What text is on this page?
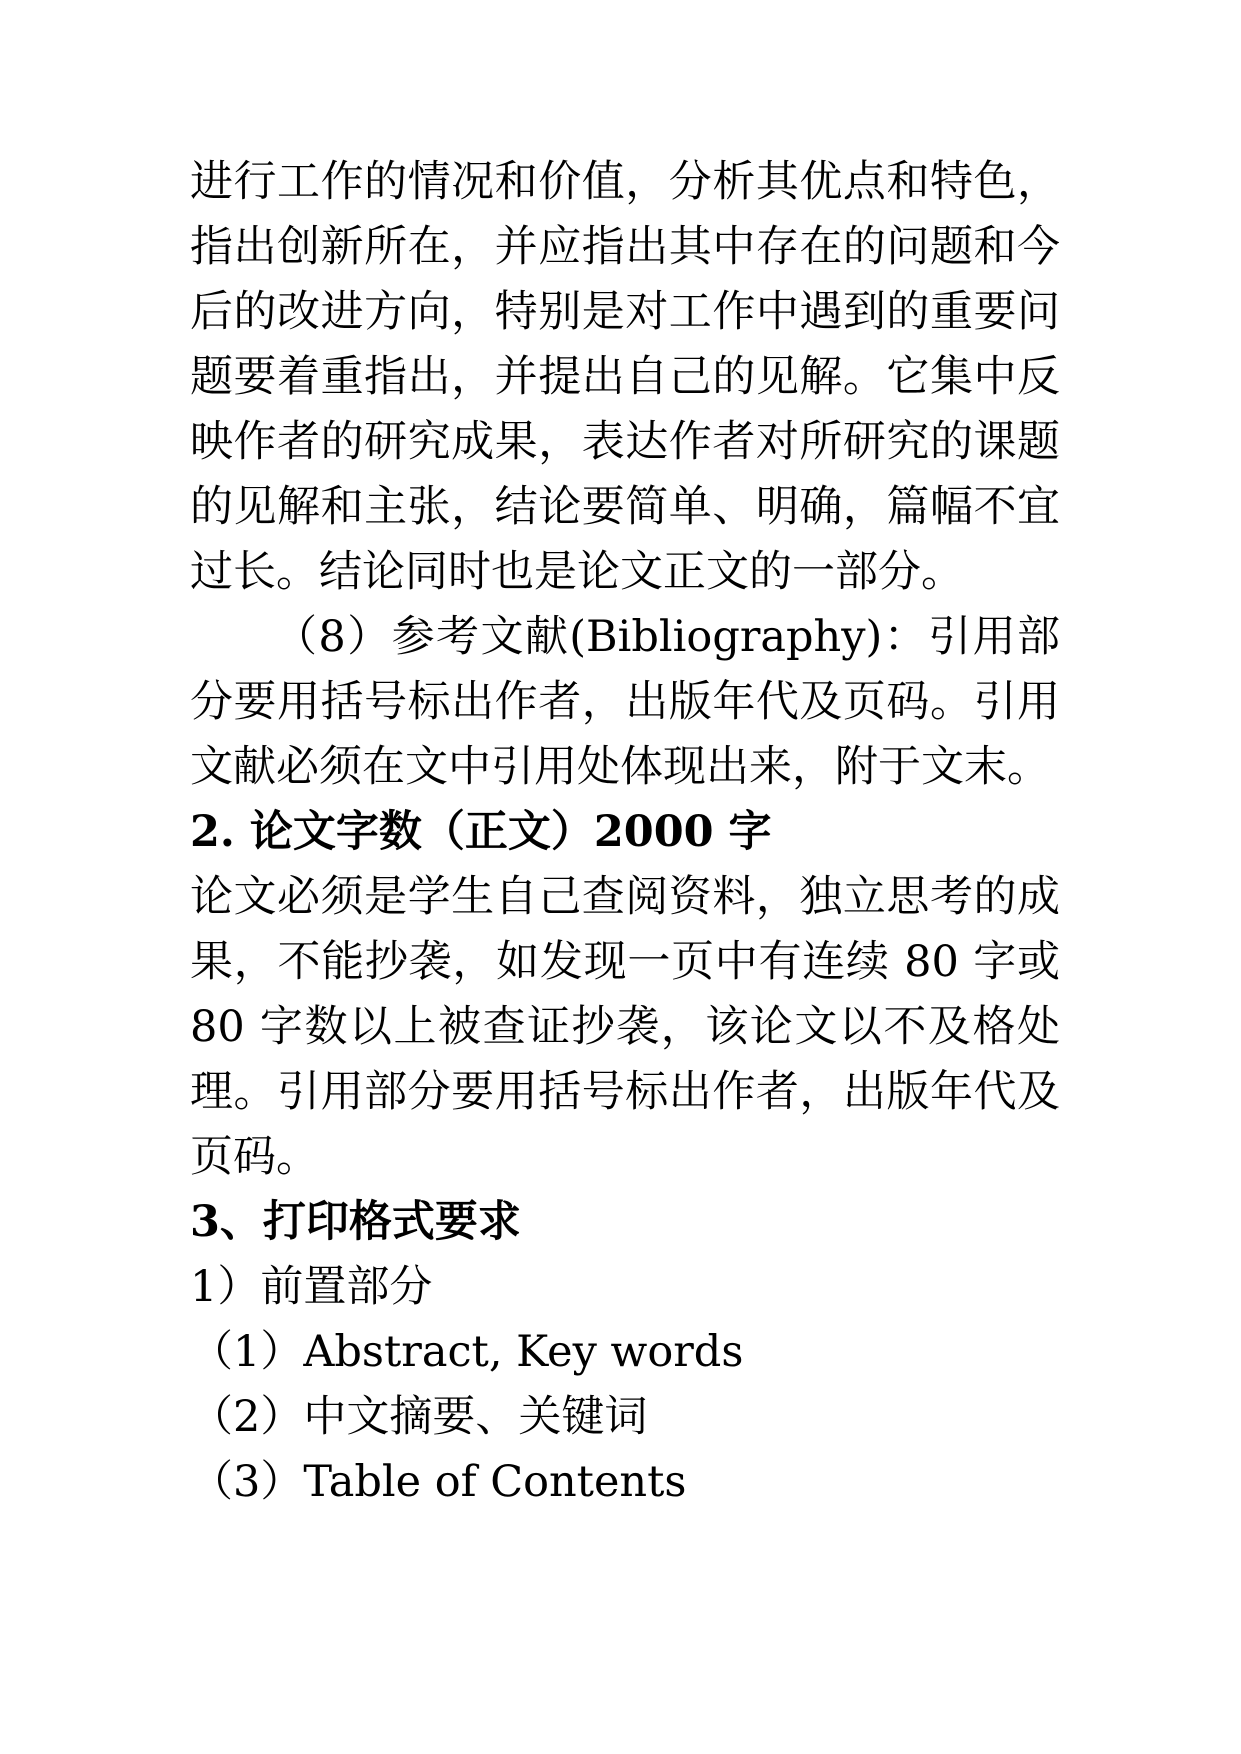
进行工作的情况和价值，分析其优点和特色，指出创新所在，并应指出其中存在的问题和今后的改进方向，特别是对工作中遇到的重要问题要着重指出，并提出自己的见解。它集中反映作者的研究成果，表达作者对所研究的课题的见解和主张，结论要简单、明确，篇幅不宜过长。结论同时也是论文正文的一部分。

（8）参考文献(Bibliography)：引用部分要用括号标出作者，出版年代及页码。引用文献必须在文中引用处体现出来，附于文末。

2. 论文字数（正文）2000 字

论文必须是学生自己查阅资料，独立思考的成果，不能抄袭，如发现一页中有连续 80 字或 80 字数以上被查证抄袭，该论文以不及格处理。引用部分要用括号标出作者，出版年代及页码。

3、打印格式要求

1）前置部分

（1）Abstract, Key words

（2）中文摘要、关键词

（3）Table of Contents
